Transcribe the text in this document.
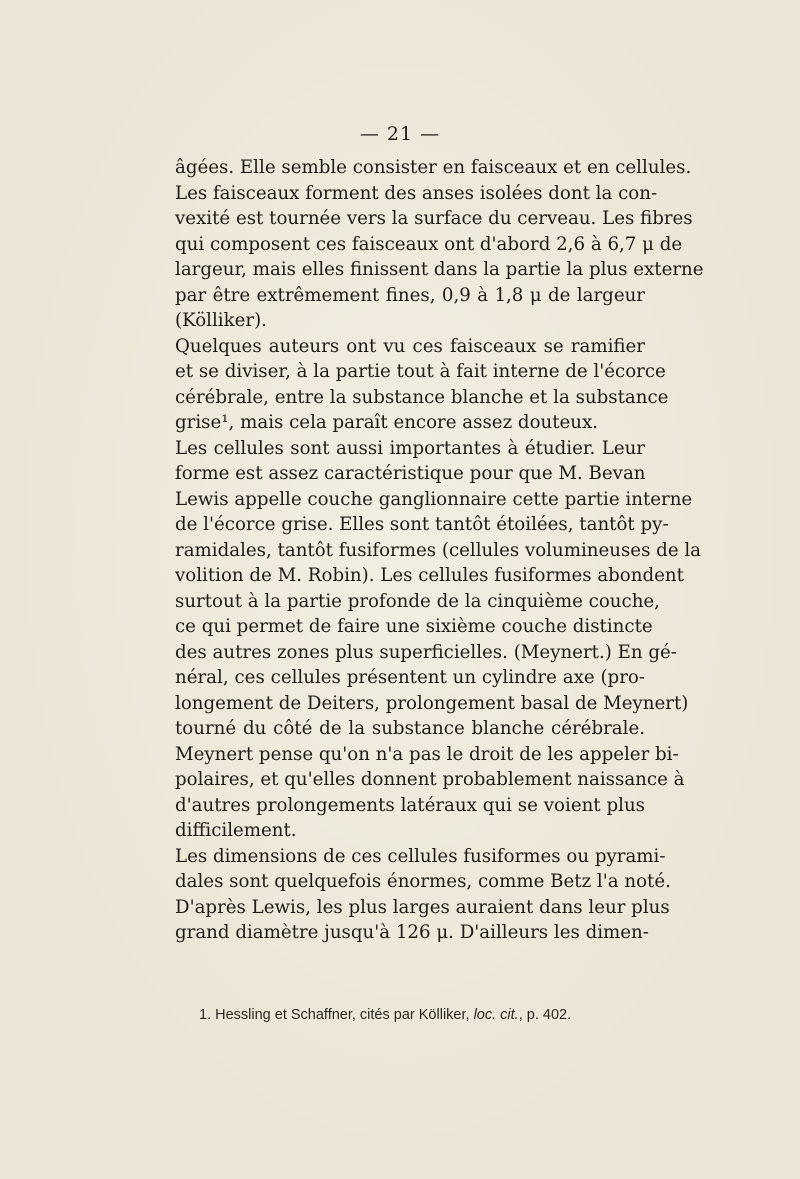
— 21 —
âgées. Elle semble consister en faisceaux et en cellules.
Les faisceaux forment des anses isolées dont la con-
vexité est tournée vers la surface du cerveau. Les fibres
qui composent ces faisceaux ont d'abord 2,6 à 6,7 μ de
largeur, mais elles finissent dans la partie la plus externe
par être extrêmement fines, 0,9 à 1,8 μ de largeur
(Kölliker).
Quelques auteurs ont vu ces faisceaux se ramifier
et se diviser, à la partie tout à fait interne de l'écorce
cérébrale, entre la substance blanche et la substance
grise¹, mais cela paraît encore assez douteux.
Les cellules sont aussi importantes à étudier. Leur
forme est assez caractéristique pour que M. Bevan
Lewis appelle couche ganglionnaire cette partie interne
de l'écorce grise. Elles sont tantôt étoilées, tantôt py-
ramidales, tantôt fusiformes (cellules volumineuses de la
volition de M. Robin). Les cellules fusiformes abondent
surtout à la partie profonde de la cinquième couche,
ce qui permet de faire une sixième couche distincte
des autres zones plus superficielles. (Meynert.) En gé-
néral, ces cellules présentent un cylindre axe (pro-
longement de Deiters, prolongement basal de Meynert)
tourné du côté de la substance blanche cérébrale.
Meynert pense qu'on n'a pas le droit de les appeler bi-
polaires, et qu'elles donnent probablement naissance à
d'autres prolongements latéraux qui se voient plus
difficilement.
Les dimensions de ces cellules fusiformes ou pyrami-
dales sont quelquefois énormes, comme Betz l'a noté.
D'après Lewis, les plus larges auraient dans leur plus
grand diamètre jusqu'à 126 μ. D'ailleurs les dimen-
1. Hessling et Schaffner, cités par Kölliker, loc. cit., p. 402.
